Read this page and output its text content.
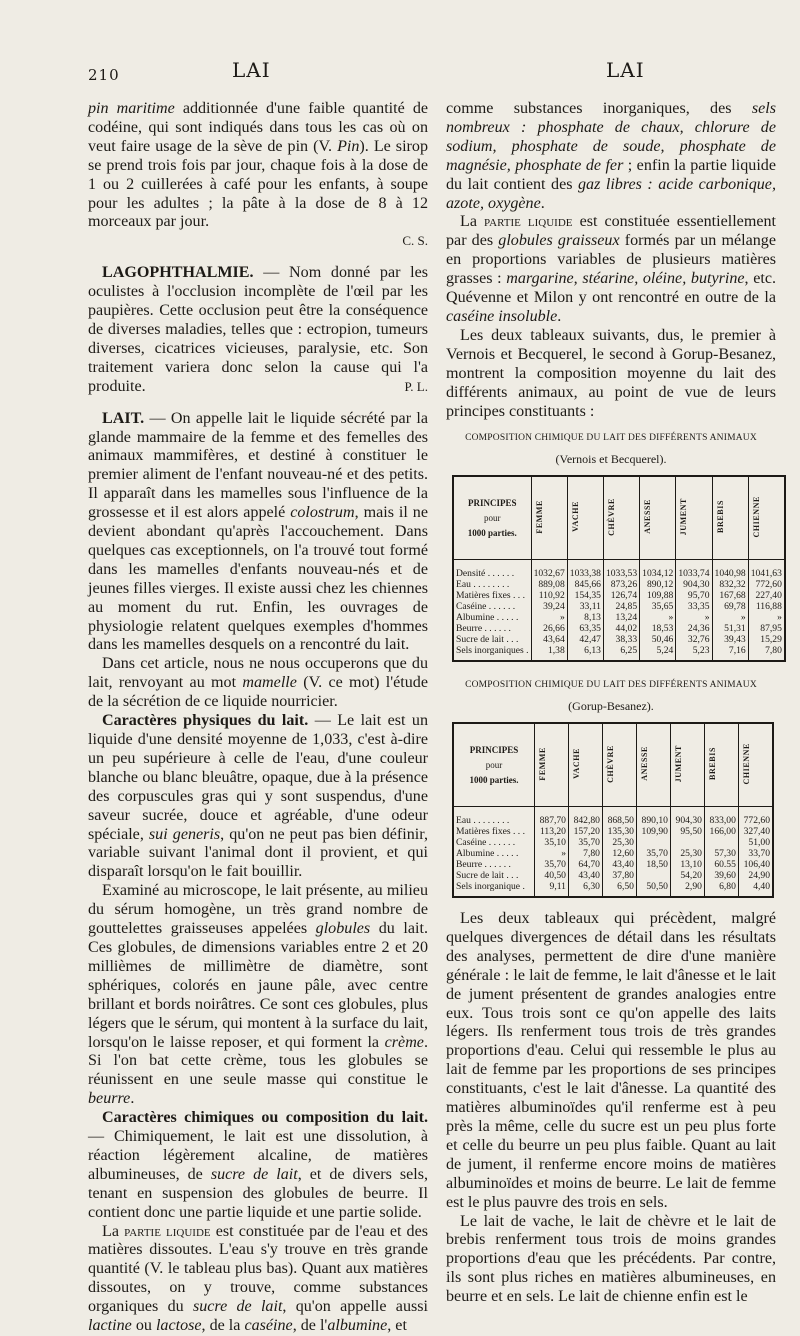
210	LAI	LAI

pin maritime additionnée d'une faible quantité de codéine, qui sont indiqués dans tous les cas où on veut faire usage de la sève de pin (V. Pin). Le sirop se prend trois fois par jour, chaque fois à la dose de 1 ou 2 cuillerées à café pour les enfants, à soupe pour les adultes ; la pâte à la dose de 8 à 12 morceaux par jour.
C. S.

LAGOPHTHALMIE. — Nom donné par les oculistes à l'occlusion incomplète de l'œil par les paupières. Cette occlusion peut être la conséquence de diverses maladies, telles que : ectropion, tumeurs diverses, cicatrices vicieuses, paralysie, etc. Son traitement variera donc selon la cause qui l'a produite.	P. L.

LAIT. — On appelle lait le liquide sécrété par la glande mammaire de la femme et des femelles des animaux mammifères, et destiné à constituer le premier aliment de l'enfant nouveau-né et des petits. Il apparaît dans les mamelles sous l'influence de la grossesse et il est alors appelé colostrum, mais il ne devient abondant qu'après l'accouchement. Dans quelques cas exceptionnels, on l'a trouvé tout formé dans les mamelles d'enfants nouveau-nés et de jeunes filles vierges. Il existe aussi chez les chiennes au moment du rut. Enfin, les ouvrages de physiologie relatent quelques exemples d'hommes dans les mamelles desquels on a rencontré du lait.

Dans cet article, nous ne nous occuperons que du lait, renvoyant au mot mamelle (V. ce mot) l'étude de la sécrétion de ce liquide nourricier.

Caractères physiques du lait. — Le lait est un liquide d'une densité moyenne de 1,033, c'est à-dire un peu supérieure à celle de l'eau, d'une couleur blanche ou blanc bleuâtre, opaque, due à la présence des corpuscules gras qui y sont suspendus, d'une saveur sucrée, douce et agréable, d'une odeur spéciale, sui generis, qu'on ne peut pas bien définir, variable suivant l'animal dont il provient, et qui disparaît lorsqu'on le fait bouillir.

Examiné au microscope, le lait présente, au milieu du sérum homogène, un très grand nombre de gouttelettes graisseuses appelées globules du lait. Ces globules, de dimensions variables entre 2 et 20 millièmes de millimètre de diamètre, sont sphériques, colorés en jaune pâle, avec centre brillant et bords noirâtres. Ce sont ces globules, plus légers que le sérum, qui montent à la surface du lait, lorsqu'on le laisse reposer, et qui forment la crème. Si l'on bat cette crème, tous les globules se réunissent en une seule masse qui constitue le beurre.

Caractères chimiques ou composition du lait. — Chimiquement, le lait est une dissolution, à réaction légèrement alcaline, de matières albumineuses, de sucre de lait, et de divers sels, tenant en suspension des globules de beurre. Il contient donc une partie liquide et une partie solide.

La partie liquide est constituée par de l'eau et des matières dissoutes. L'eau s'y trouve en très grande quantité (V. le tableau plus bas). Quant aux matières dissoutes, on y trouve, comme substances organiques du sucre de lait, qu'on appelle aussi lactine ou lactose, de la caséine, de l'albumine, et

comme substances inorganiques, des sels nombreux : phosphate de chaux, chlorure de sodium, phosphate de soude, phosphate de magnésie, phosphate de fer ; enfin la partie liquide du lait contient des gaz libres : acide carbonique, azote, oxygène.

La partie liquide est constituée essentiellement par des globules graisseux formés par un mélange en proportions variables de plusieurs matières grasses : margarine, stéarine, oléine, butyrine, etc. Quévenne et Milon y ont rencontré en outre de la caséine insoluble.

Les deux tableaux suivants, dus, le premier à Vernois et Becquerel, le second à Gorup-Besanez, montrent la composition moyenne du lait des différents animaux, au point de vue de leurs principes constituants :

COMPOSITION CHIMIQUE DU LAIT DES DIFFÉRENTS ANIMAUX
(Vernois et Becquerel).
PRINCIPES
pour
1000 parties.	FEMME	VACHE	CHÈVRE	ANESSE	JUMENT	BREBIS	CHIENNE
Densité . . . . . .	1032,67	1033,38	1033,53	1034,12	1033,74	1040,98	1041,63
Eau . . . . . . . .	889,08	845,66	873,26	890,12	904,30	832,32	772,60
Matières fixes . . .	110,92	154,35	126,74	109,88	95,70	167,68	227,40
Caséine . . . . . .	39,24	33,11	24,85	35,65	33,35	69,78	116,88
Albumine . . . . .	»	8,13	13,24	»	»	»	»
Beurre . . . . . .	26,66	63,35	44,02	18,53	24,36	51,31	87,95
Sucre de lait . . .	43,64	42,47	38,33	50,46	32,76	39,43	15,29
Sels inorganiques .	1,38	6,13	6,25	5,24	5,23	7,16	7,80
COMPOSITION CHIMIQUE DU LAIT DES DIFFÉRENTS ANIMAUX
(Gorup-Besanez).
PRINCIPES
pour
1000 parties.	FEMME	VACHE	CHÈVRE	ANESSE	JUMENT	BREBIS	CHIENNE
Eau . . . . . . . .	887,70	842,80	868,50	890,10	904,30	833,00	772,60
Matières fixes . . .	113,20	157,20	135,30	109,90	95,50	166,00	327,40
Caséine . . . . . .	35,10	35,70	25,30				51,00
Albumine . . . . .	»	7,80	12,60	35,70	25,30	57,30	33,70
Beurre . . . . . .	35,70	64,70	43,40	18,50	13,10	60.55	106,40
Sucre de lait . . .	40,50	43,40	37,80		54,20	39,60	24,90
Sels inorganique .	9,11	6,30	6,50	50,50	2,90	6,80	4,40

Les deux tableaux qui précèdent, malgré quelques divergences de détail dans les résultats des analyses, permettent de dire d'une manière générale : le lait de femme, le lait d'ânesse et le lait de jument présentent de grandes analogies entre eux. Tous trois sont ce qu'on appelle des laits légers. Ils renferment tous trois de très grandes proportions d'eau. Celui qui ressemble le plus au lait de femme par les proportions de ses principes constituants, c'est le lait d'ânesse. La quantité des matières albuminoïdes qu'il renferme est à peu près la même, celle du sucre est un peu plus forte et celle du beurre un peu plus faible. Quant au lait de jument, il renferme encore moins de matières albuminoïdes et moins de beurre. Le lait de femme est le plus pauvre des trois en sels.

Le lait de vache, le lait de chèvre et le lait de brebis renferment tous trois de moins grandes proportions d'eau que les précédents. Par contre, ils sont plus riches en matières albumineuses, en beurre et en sels. Le lait de chienne enfin est le
